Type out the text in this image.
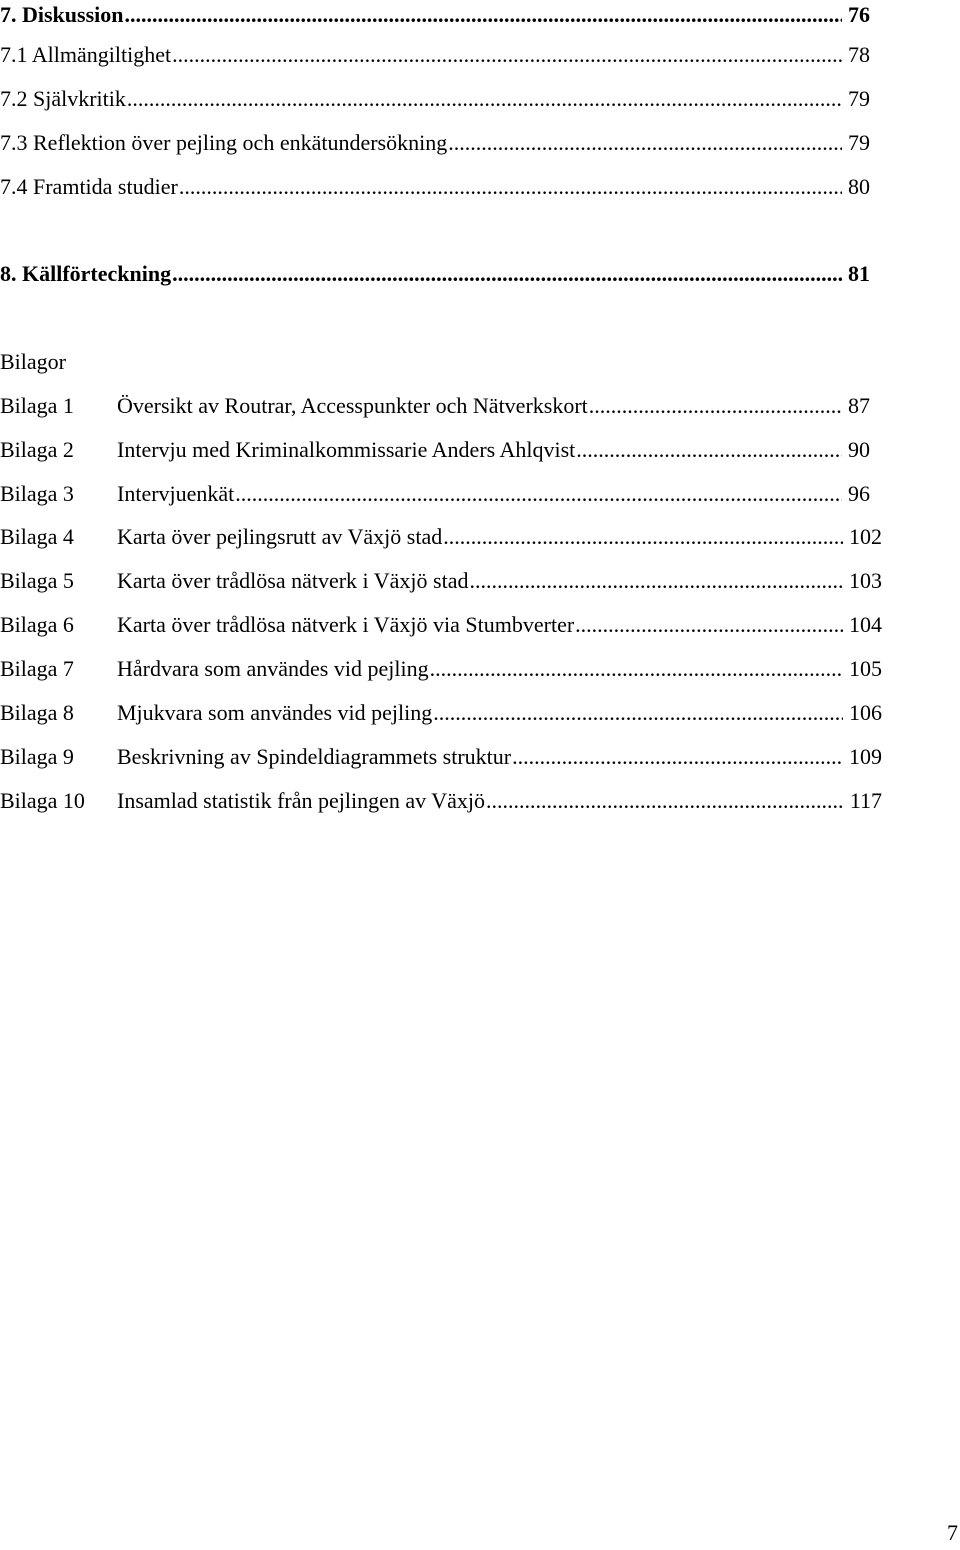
7. Diskussion .....	76
7.1 Allmängiltighet .....	78
7.2 Självkritik .....	79
7.3 Reflektion över pejling och enkätundersökning .....	79
7.4 Framtida studier .....	80
8. Källförteckning .....	81
Bilagor
Bilaga 1 Översikt av Routrar, Accesspunkter och Nätverkskort .....	87
Bilaga 2 Intervju med Kriminalkommissarie Anders Ahlqvist .....	90
Bilaga 3 Intervjuenkät .....	96
Bilaga 4 Karta över pejlingsrutt av Växjö stad .....	102
Bilaga 5 Karta över trådlösa nätverk i Växjö stad .....	103
Bilaga 6 Karta över trådlösa nätverk i Växjö via Stumbverter .....	104
Bilaga 7 Hårdvara som användes vid pejling .....	105
Bilaga 8 Mjukvara som användes vid pejling .....	106
Bilaga 9 Beskrivning av Spindeldiagrammets struktur .....	109
Bilaga 10 Insamlad statistik från pejlingen av Växjö .....	117
7
